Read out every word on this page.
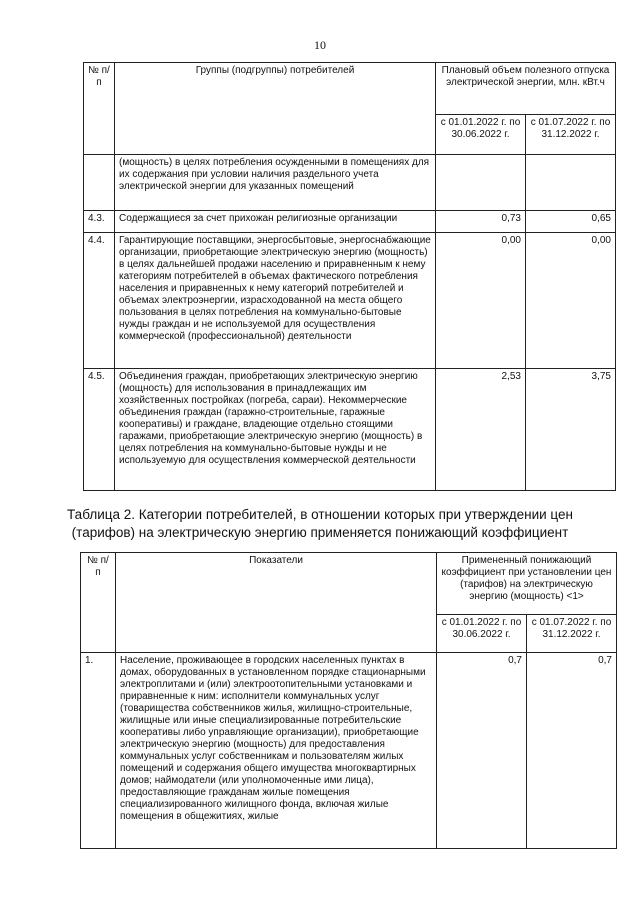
10
№ п/п	Группы (подгруппы) потребителей	Плановый объем полезного отпуска электрической энергии, млн. кВт.ч	
		с 01.01.2022 г. по 30.06.2022 г.	с 01.07.2022 г. по 31.12.2022 г.
	(мощность) в целях потребления осужденными в помещениях для их содержания при условии наличия раздельного учета электрической энергии для указанных помещений		
4.3.	Содержащиеся за счет прихожан религиозные организации	0,73	0,65
4.4.	Гарантирующие поставщики, энергосбытовые, энергоснабжающие организации, приобретающие электрическую энергию (мощность) в целях дальнейшей продажи населению и приравненным к нему категориям потребителей в объемах фактического потребления населения и приравненных к нему категорий потребителей и объемах электроэнергии, израсходованной на места общего пользования в целях потребления на коммунально-бытовые нужды граждан и не используемой для осуществления коммерческой (профессиональной) деятельности	0,00	0,00
4.5.	Объединения граждан, приобретающих электрическую энергию (мощность) для использования в принадлежащих им хозяйственных постройках (погреба, сараи). Некоммерческие объединения граждан (гаражно-строительные, гаражные кооперативы) и граждане, владеющие отдельно стоящими гаражами, приобретающие электрическую энергию (мощность) в целях потребления на коммунально-бытовые нужды и не используемую для осуществления коммерческой деятельности	2,53	3,75
Таблица 2. Категории потребителей, в отношении которых при утверждении цен (тарифов) на электрическую энергию применяется понижающий коэффициент
№ п/п	Показатели	Примененный понижающий коэффициент при установлении цен (тарифов) на электрическую энергию (мощность) <1>	
		с 01.01.2022 г. по 30.06.2022 г.	с 01.07.2022 г. по 31.12.2022 г.
1.	Население, проживающее в городских населенных пунктах в домах, оборудованных в установленном порядке стационарными электроплитами и (или) электроотопительными установками и приравненные к ним: исполнители коммунальных услуг (товарищества собственников жилья, жилищно-строительные, жилищные или иные специализированные потребительские кооперативы либо управляющие организации), приобретающие электрическую энергию (мощность) для предоставления коммунальных услуг собственникам и пользователям жилых помещений и содержания общего имущества многоквартирных домов; наймодатели (или уполномоченные ими лица), предоставляющие гражданам жилые помещения специализированного жилищного фонда, включая жилые помещения в общежитиях, жилые	0,7	0,7
